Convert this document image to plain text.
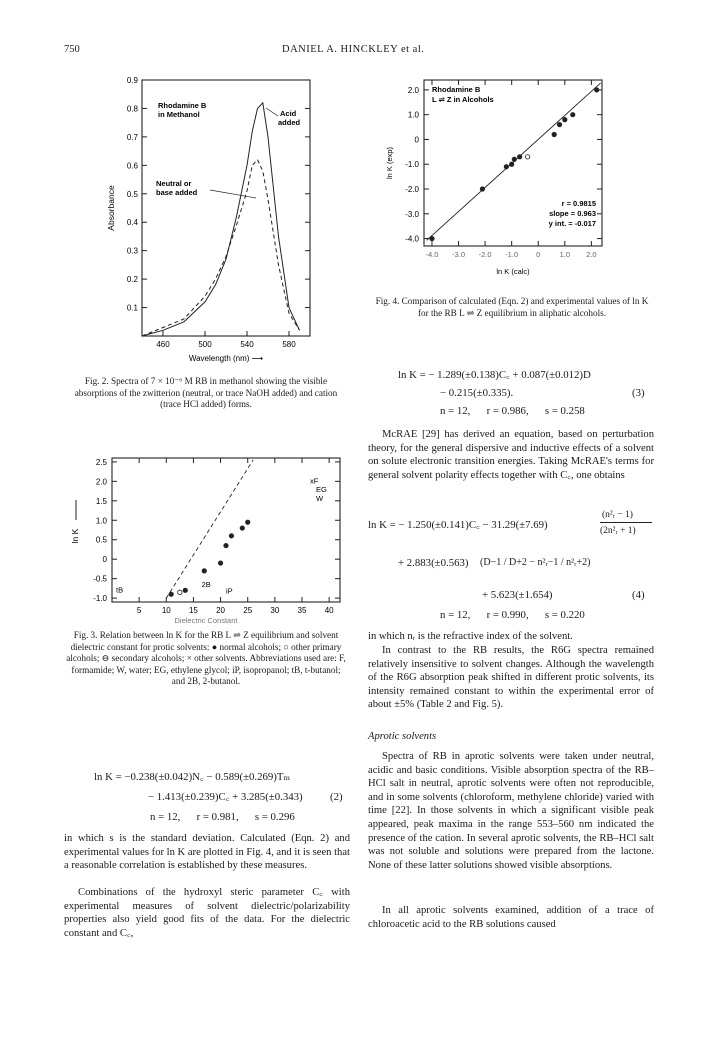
750	DANIEL A. HINCKLEY et al.
0.9
0.8
0.7
0.6
0.5
0.4
0.3
0.2
0.1
460	500	540	580
Wavelength (nm) ⟶
Absorbance
Rhodamine B
in Methanol	Acid
added
Neutral or
base added
Fig. 2. Spectra of 7 × 10⁻⁶ M RB in methanol showing the visible absorptions of the zwitterion (neutral, or trace NaOH added) and cation (trace HCl added) forms.
2.5
2.0
1.5
1.0
0.5
0
-0.5
-1.0
5	10 15 20 25 30 35 40
Dielectric Constant
ln K
xF
EG
W
tB
2B
iP
Fig. 3. Relation between ln K for the RB L ⇌ Z equilibrium and solvent dielectric constant for protic solvents: ● normal alcohols; ○ other primary alcohols; ⊖ secondary alcohols; × other solvents. Abbreviations used are: F, formamide; W, water; EG, ethylene glycol; iP, isopropanol; tB, t-butanol; and 2B, 2-butanol.
2.0
1.0
0
-1.0
-2.0
-3.0
-4.0
-4.0 -3.0 -2.0 -1.0 0	1.0 2.0
ln K (calc)
ln K (exp)
Rhodamine B
L ⇌ Z in Alcohols
r = 0.9815
slope = 0.963
y int. = -0.017
Fig. 4. Comparison of calculated (Eqn. 2) and experimental values of ln K for the RB L ⇌ Z equilibrium in aliphatic alcohols.
ln K = − 1.289(±0.138)C꜀ + 0.087(±0.012)D
− 0.215(±0.335).	(3)
n = 12,      r = 0.986,      s = 0.258
McRAE [29] has derived an equation, based on perturbation theory, for the general dispersive and inductive effects of a solvent on solute electronic transition energies. Taking McRAE's terms for general solvent polarity effects together with C꜀, one obtains
ln K = − 1.250(±0.141)C꜀ − 31.29(±7.69)
(n²ᵣ − 1)
(2n²ᵣ + 1)
+ 2.883(±0.563) (D−1 / D+2 − n²ᵣ−1 / n²ᵣ+2)
+ 5.623(±1.654)	(4)
n = 12,      r = 0.990,      s = 0.220
in which nᵣ is the refractive index of the solvent.
In contrast to the RB results, the R6G spectra remained relatively insensitive to solvent changes. Although the wavelength of the R6G absorption peak shifted in different protic solvents, its intensity remained constant to within the experimental error of about ±5% (Table 2 and Fig. 5).
Aprotic solvents
Spectra of RB in aprotic solvents were taken under neutral, acidic and basic conditions. Visible absorption spectra of the RB–HCl salt in neutral, aprotic solvents were often not reproducible, and in some solvents (chloroform, methylene chloride) varied with time [22]. In those solvents in which a significant visible peak appeared, peak maxima in the range 553–560 nm indicated the presence of the cation. In several aprotic solvents, the RB–HCl salt was not soluble and solutions were prepared from the lactone. None of these latter solutions showed visible absorptions.
In all aprotic solvents examined, addition of a trace of chloroacetic acid to the RB solutions caused
ln K = −0.238(±0.042)N꜀ − 0.589(±0.269)Tₘ
− 1.413(±0.239)C꜀ + 3.285(±0.343)	(2)
n = 12,      r = 0.981,      s = 0.296
in which s is the standard deviation. Calculated (Eqn. 2) and experimental values for ln K are plotted in Fig. 4, and it is seen that a reasonable correlation is established by these measures.
Combinations of the hydroxyl steric parameter C꜀ with experimental measures of solvent dielectric/polarizability properties also yield good fits of the data. For the dielectric constant and C꜀,
